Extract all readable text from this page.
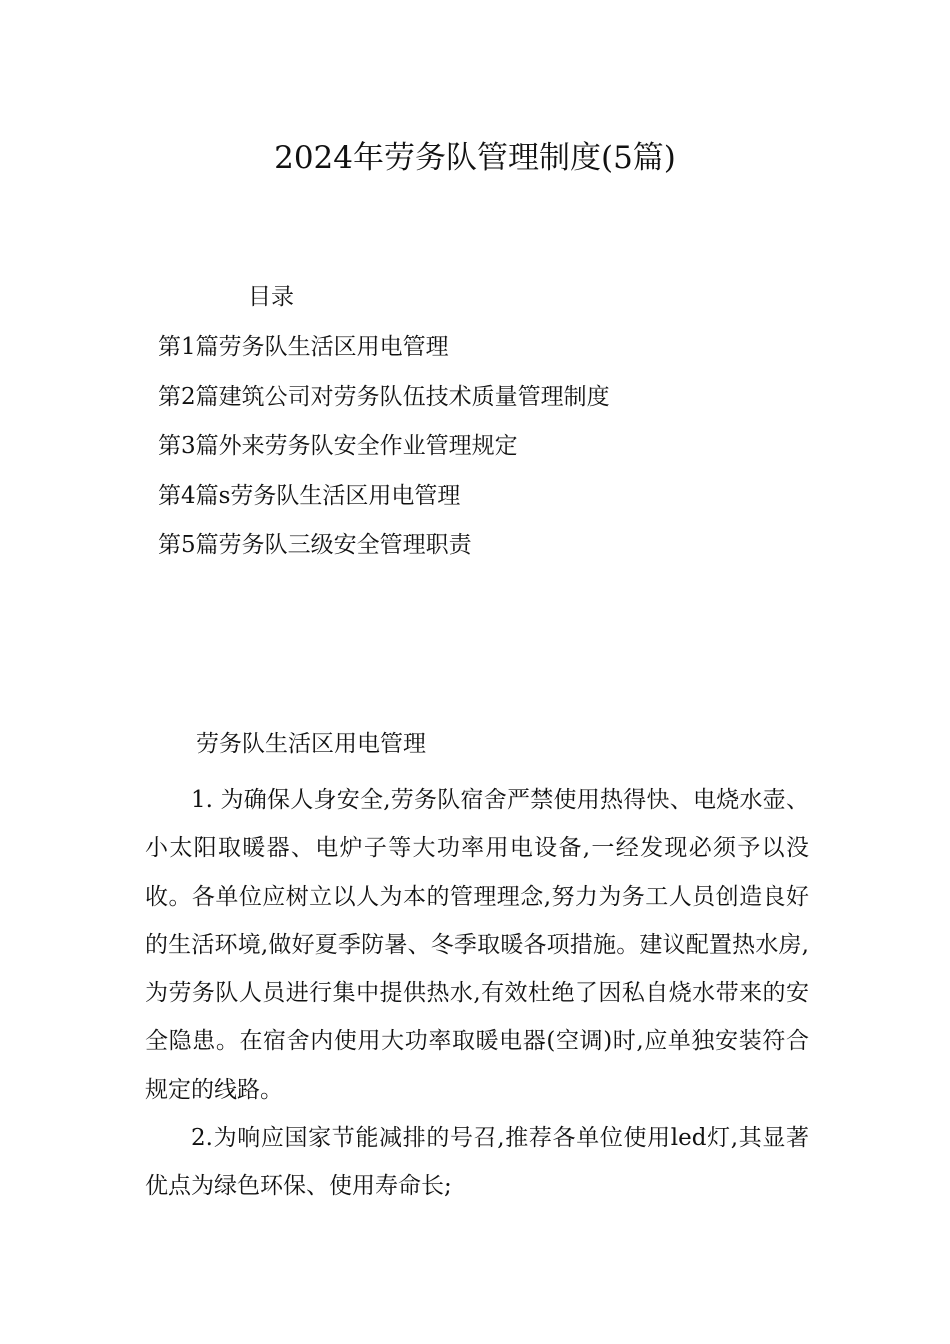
2024年劳务队管理制度(5篇)
目录
第1篇劳务队生活区用电管理
第2篇建筑公司对劳务队伍技术质量管理制度
第3篇外来劳务队安全作业管理规定
第4篇s劳务队生活区用电管理
第5篇劳务队三级安全管理职责
劳务队生活区用电管理

1. 为确保人身安全,劳务队宿舍严禁使用热得快、电烧水壶、小太阳取暖器、电炉子等大功率用电设备,一经发现必须予以没收。各单位应树立以人为本的管理理念,努力为务工人员创造良好的生活环境,做好夏季防暑、冬季取暖各项措施。建议配置热水房,为劳务队人员进行集中提供热水,有效杜绝了因私自烧水带来的安全隐患。在宿舍内使用大功率取暖电器(空调)时,应单独安装符合规定的线路。

2.为响应国家节能减排的号召,推荐各单位使用led灯,其显著优点为绿色环保、使用寿命长;
